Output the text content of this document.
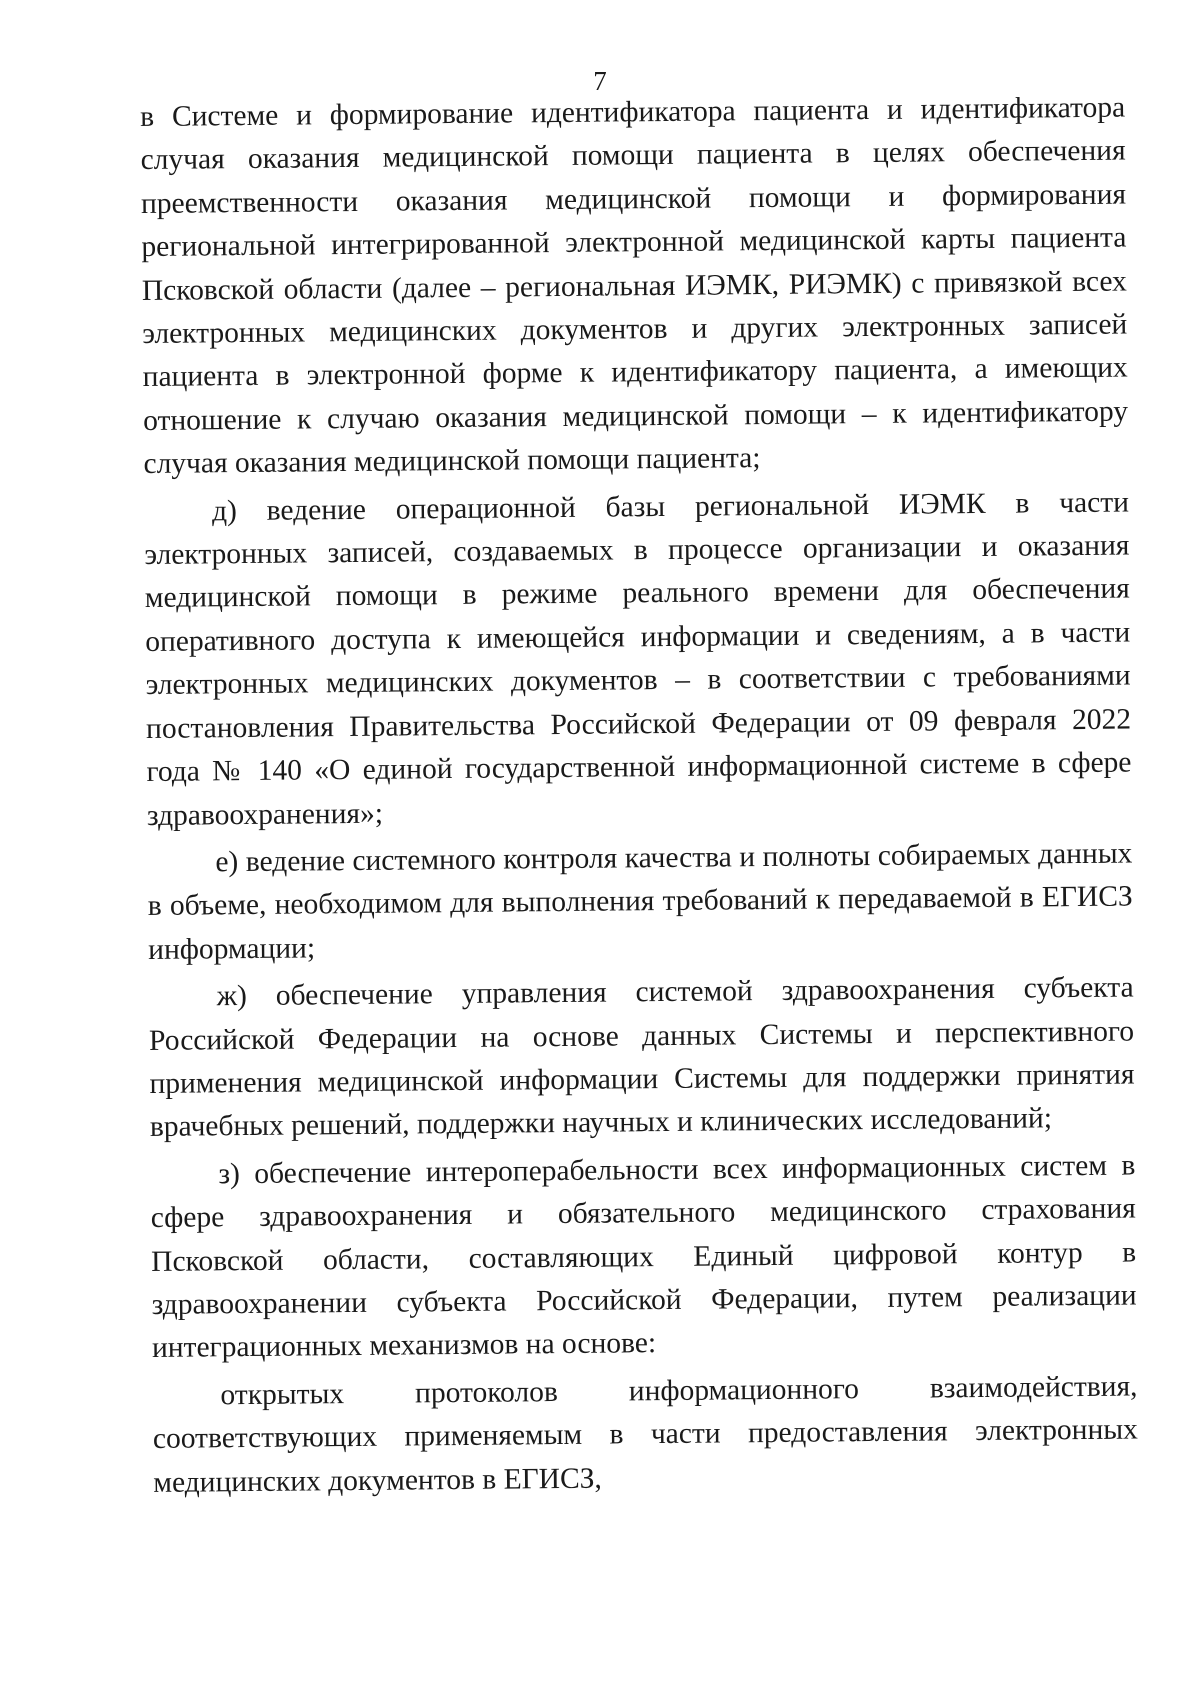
7

в Системе и формирование идентификатора пациента и идентификатора случая оказания медицинской помощи пациента в целях обеспечения преемственности оказания медицинской помощи и формирования региональной интегрированной электронной медицинской карты пациента Псковской области (далее – региональная ИЭМК, РИЭМК) с привязкой всех электронных медицинских документов и других электронных записей пациента в электронной форме к идентификатору пациента, а имеющих отношение к случаю оказания медицинской помощи – к идентификатору случая оказания медицинской помощи пациента;

д) ведение операционной базы региональной ИЭМК в части электронных записей, создаваемых в процессе организации и оказания медицинской помощи в режиме реального времени для обеспечения оперативного доступа к имеющейся информации и сведениям, а в части электронных медицинских документов – в соответствии с требованиями постановления Правительства Российской Федерации от 09 февраля 2022 года № 140 «О единой государственной информационной системе в сфере здравоохранения»;

е) ведение системного контроля качества и полноты собираемых данных в объеме, необходимом для выполнения требований к передаваемой в ЕГИСЗ информации;

ж) обеспечение управления системой здравоохранения субъекта Российской Федерации на основе данных Системы и перспективного применения медицинской информации Системы для поддержки принятия врачебных решений, поддержки научных и клинических исследований;

з) обеспечение интероперабельности всех информационных систем в сфере здравоохранения и обязательного медицинского страхования Псковской области, составляющих Единый цифровой контур в здравоохранении субъекта Российской Федерации, путем реализации интеграционных механизмов на основе:

открытых протоколов информационного взаимодействия, соответствующих применяемым в части предоставления электронных медицинских документов в ЕГИСЗ,
